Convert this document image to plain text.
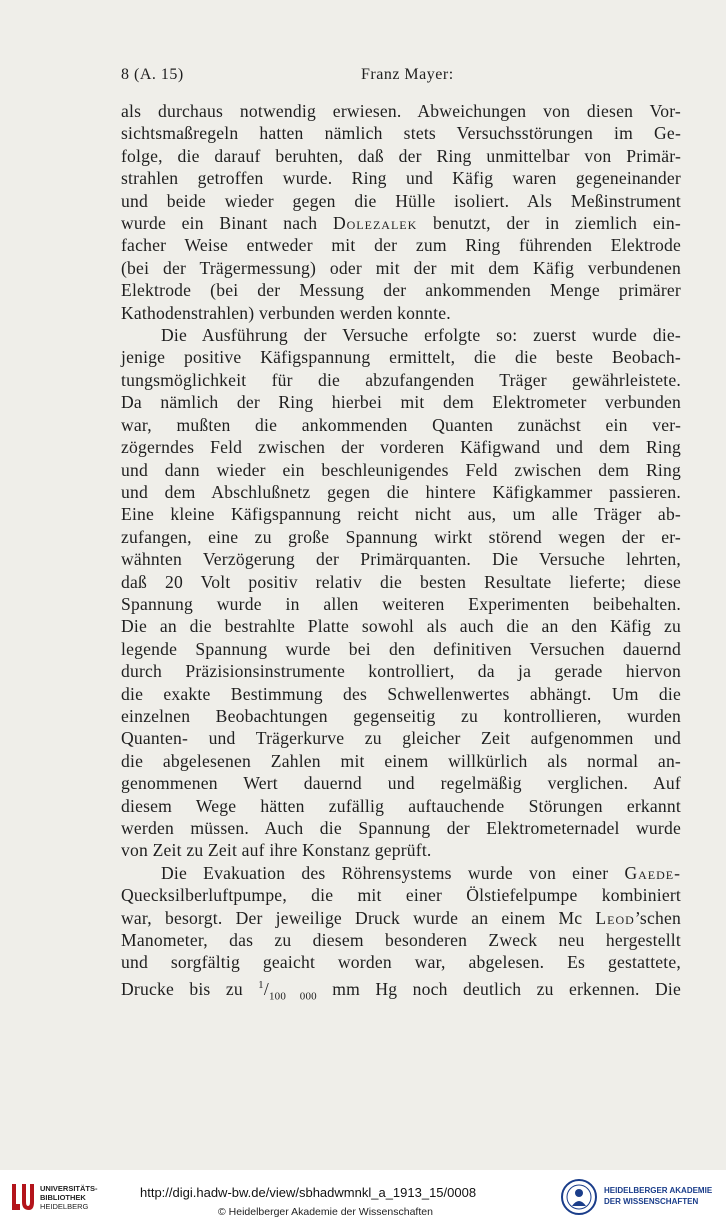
8 (A. 15)	Franz Mayer:
als durchaus notwendig erwiesen. Abweichungen von diesen Vor-
sichtsmaßregeln hatten nämlich stets Versuchsstörungen im Ge-
folge, die darauf beruhten, daß der Ring unmittelbar von Primär-
strahlen getroffen wurde. Ring und Käfig waren gegeneinander
und beide wieder gegen die Hülle isoliert. Als Meßinstrument
wurde ein Binant nach Dolezalek benutzt, der in ziemlich ein-
facher Weise entweder mit der zum Ring führenden Elektrode
(bei der Trägermessung) oder mit der mit dem Käfig verbundenen
Elektrode (bei der Messung der ankommenden Menge primärer
Kathodenstrahlen) verbunden werden konnte.
Die Ausführung der Versuche erfolgte so: zuerst wurde die-
jenige positive Käfigspannung ermittelt, die die beste Beobach-
tungsmöglichkeit für die abzufangenden Träger gewährleistete.
Da nämlich der Ring hierbei mit dem Elektrometer verbunden
war, mußten die ankommenden Quanten zunächst ein ver-
zögerndes Feld zwischen der vorderen Käfigwand und dem Ring
und dann wieder ein beschleunigendes Feld zwischen dem Ring
und dem Abschlußnetz gegen die hintere Käfigkammer passieren.
Eine kleine Käfigspannung reicht nicht aus, um alle Träger ab-
zufangen, eine zu große Spannung wirkt störend wegen der er-
wähnten Verzögerung der Primärquanten. Die Versuche lehrten,
daß 20 Volt positiv relativ die besten Resultate lieferte; diese
Spannung wurde in allen weiteren Experimenten beibehalten.
Die an die bestrahlte Platte sowohl als auch die an den Käfig zu
legende Spannung wurde bei den definitiven Versuchen dauernd
durch Präzisionsinstrumente kontrolliert, da ja gerade hiervon
die exakte Bestimmung des Schwellenwertes abhängt. Um die
einzelnen Beobachtungen gegenseitig zu kontrollieren, wurden
Quanten- und Trägerkurve zu gleicher Zeit aufgenommen und
die abgelesenen Zahlen mit einem willkürlich als normal an-
genommenen Wert dauernd und regelmäßig verglichen. Auf
diesem Wege hätten zufällig auftauchende Störungen erkannt
werden müssen. Auch die Spannung der Elektrometernadel wurde
von Zeit zu Zeit auf ihre Konstanz geprüft.
Die Evakuation des Röhrensystems wurde von einer Gaede-
Quecksilberluftpumpe, die mit einer Ölstiefelpumpe kombiniert
war, besorgt. Der jeweilige Druck wurde an einem Mc Leod’schen
Manometer, das zu diesem besonderen Zweck neu hergestellt
und sorgfältig geaicht worden war, abgelesen. Es gestattete,
Drucke bis zu $^1/_{100 000}$ mm Hg noch deutlich zu erkennen. Die
UNIVERSITÄTS-
BIBLIOTHEK
HEIDELBERG
http://digi.hadw-bw.de/view/sbhadwmnkl_a_1913_15/0008
© Heidelberger Akademie der Wissenschaften
HEIDELBERGER AKADEMIE
DER WISSENSCHAFTEN
